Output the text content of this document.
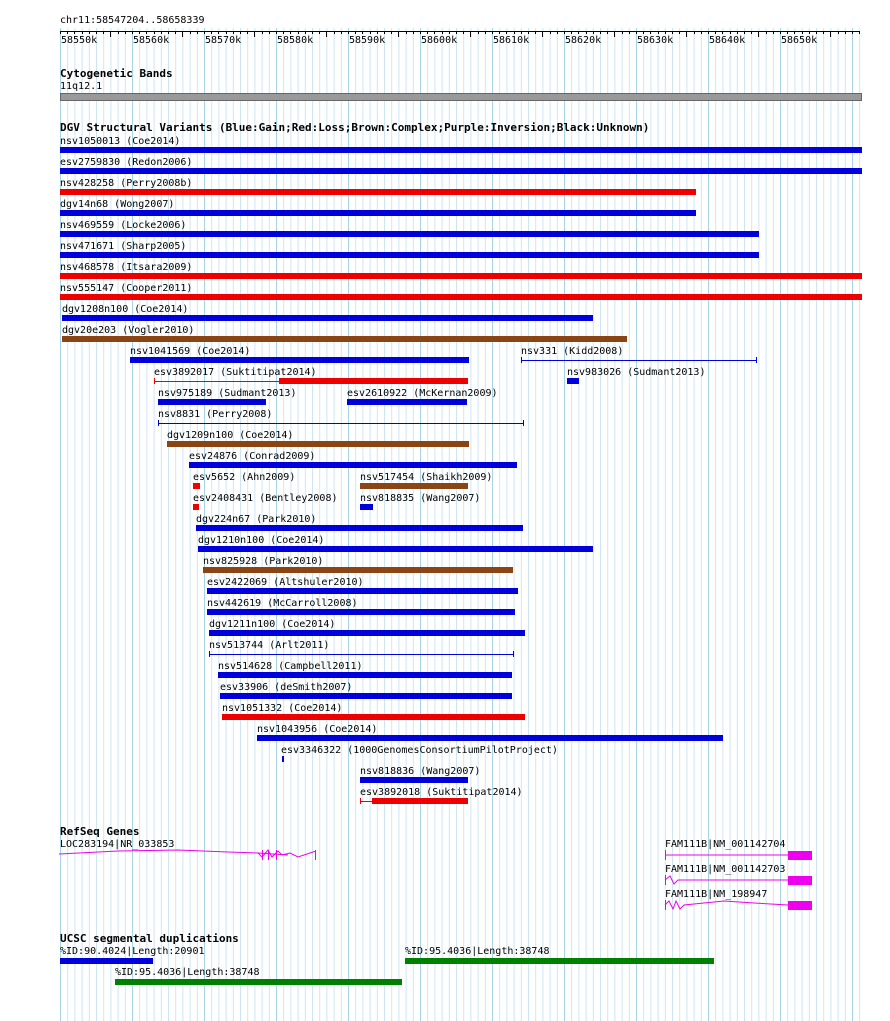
chr11:58547204..58658339
58550k	58560k	58570k	58580k	58590k	58600k	58610k	58620k	58630k	58640k	58650k
Cytogenetic Bands
11q12.1
DGV Structural Variants (Blue:Gain;Red:Loss;Brown:Complex;Purple:Inversion;Black:Unknown)
nsv1050013 (Coe2014)
esv2759830 (Redon2006)
nsv428258 (Perry2008b)
dgv14n68 (Wong2007)
nsv469559 (Locke2006)
nsv471671 (Sharp2005)
nsv468578 (Itsara2009)
nsv555147 (Cooper2011)
dgv1208n100 (Coe2014)
dgv20e203 (Vogler2010)
nsv1041569 (Coe2014)	nsv331 (Kidd2008)
esv3892017 (Suktitipat2014)	nsv983026 (Sudmant2013)
nsv975189 (Sudmant2013)	esv2610922 (McKernan2009)
nsv8831 (Perry2008)
dgv1209n100 (Coe2014)
esv24876 (Conrad2009)
esv5652 (Ahn2009)	nsv517454 (Shaikh2009)
esv2408431 (Bentley2008) nsv818835 (Wang2007)
dgv224n67 (Park2010)
dgv1210n100 (Coe2014)
nsv825928 (Park2010)
esv2422069 (Altshuler2010)
nsv442619 (McCarroll2008)
dgv1211n100 (Coe2014)
nsv513744 (Arlt2011)
nsv514628 (Campbell2011)
esv33906 (deSmith2007)
nsv1051332 (Coe2014)
nsv1043956 (Coe2014)
esv3346322 (1000GenomesConsortiumPilotProject)
nsv818836 (Wang2007)
esv3892018 (Suktitipat2014)
RefSeq Genes
LOC283194|NR_033853	FAM111B|NM_001142704
FAM111B|NM_001142703
FAM111B|NM_198947
UCSC segmental duplications
%ID:90.4024|Length:20901	%ID:95.4036|Length:38748
%ID:95.4036|Length:38748
